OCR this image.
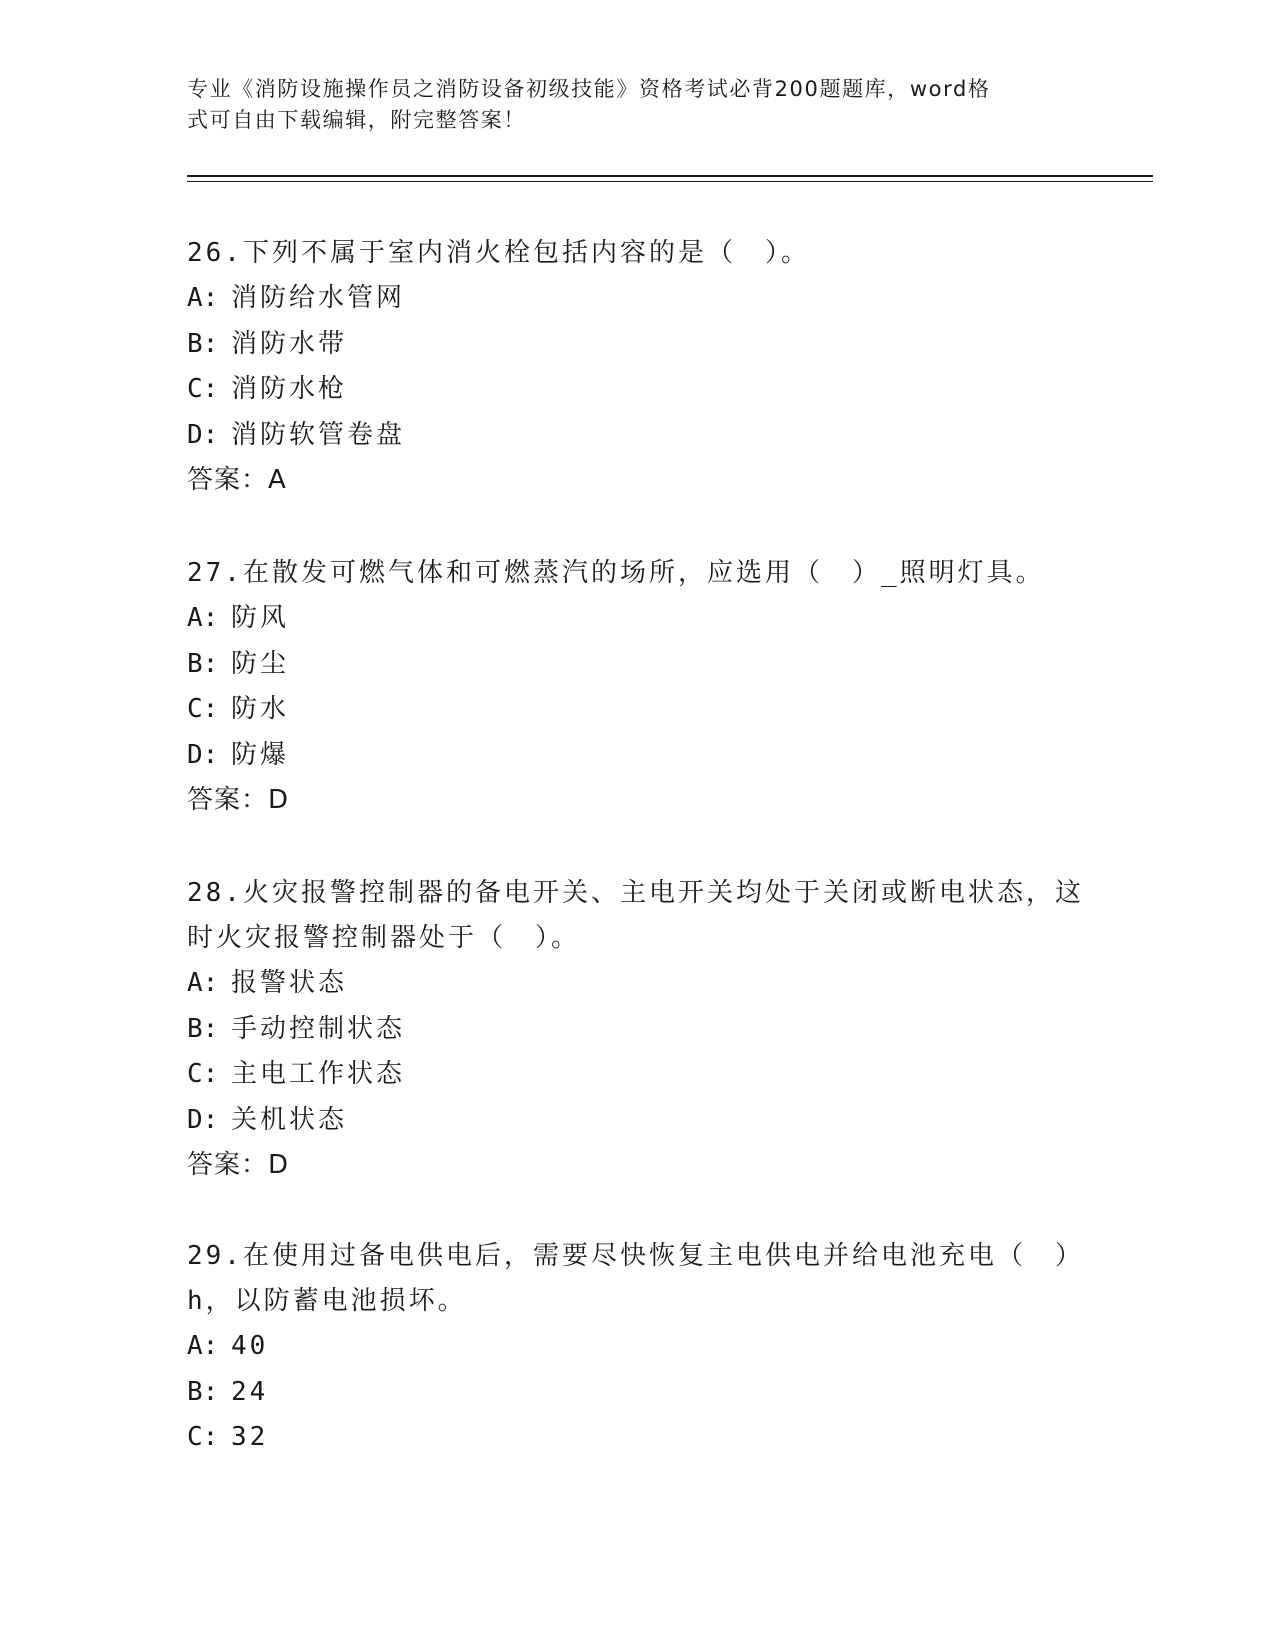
专业《消防设施操作员之消防设备初级技能》资格考试必背200题题库，word格

式可自由下载编辑，附完整答案！

26.下列不属于室内消火栓包括内容的是（　）。

A: 消防给水管网

B: 消防水带

C: 消防水枪

D: 消防软管卷盘

答案：A

27.在散发可燃气体和可燃蒸汽的场所，应选用（　）_照明灯具。

A: 防风

B: 防尘

C: 防水

D: 防爆

答案：D

28.火灾报警控制器的备电开关、主电开关均处于关闭或断电状态，这时火灾报警控制器处于（　）。

A: 报警状态

B: 手动控制状态

C: 主电工作状态

D: 关机状态

答案：D

29.在使用过备电供电后，需要尽快恢复主电供电并给电池充电（　）h，以防蓄电池损坏。

A: 40

B: 24

C: 32
